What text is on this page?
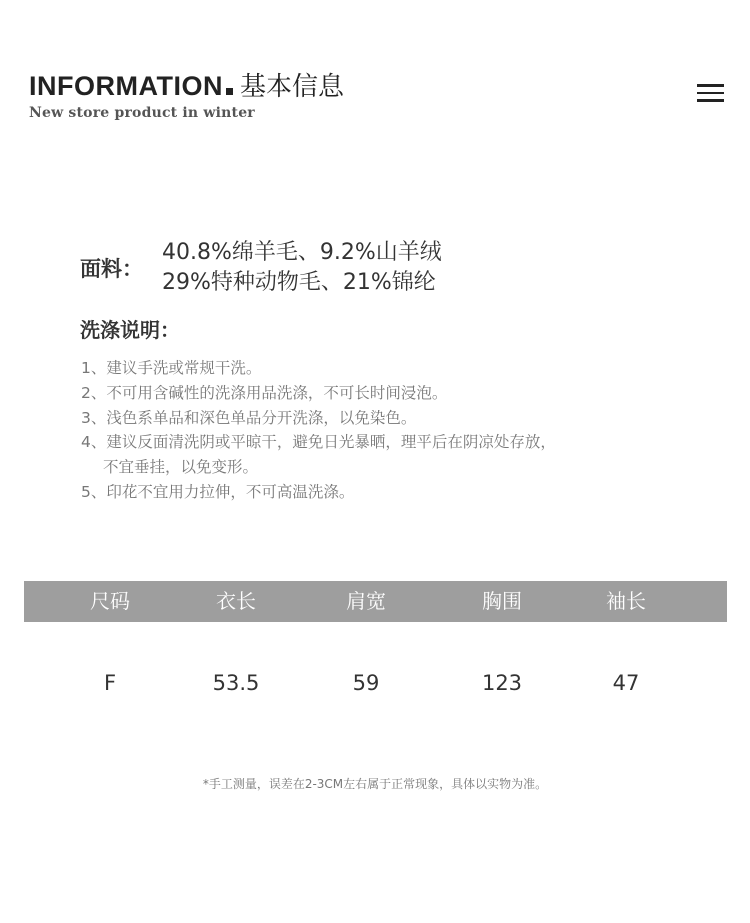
INFORMATION 基本信息
New store product in winter
面料：
40.8%绵羊毛、9.2%山羊绒
29%特种动物毛、21%锦纶
洗涤说明：
1、建议手洗或常规干洗。
2、不可用含碱性的洗涤用品洗涤，不可长时间浸泡。
3、浅色系单品和深色单品分开洗涤，以免染色。
4、建议反面清洗阴或平晾干，避免日光暴晒，理平后在阴凉处存放，
不宜垂挂，以免变形。
5、印花不宜用力拉伸，不可高温洗涤。
尺码	衣长	肩宽	胸围	袖长
F	53.5	59	123	47
*手工测量，误差在2-3CM左右属于正常现象，具体以实物为准。
